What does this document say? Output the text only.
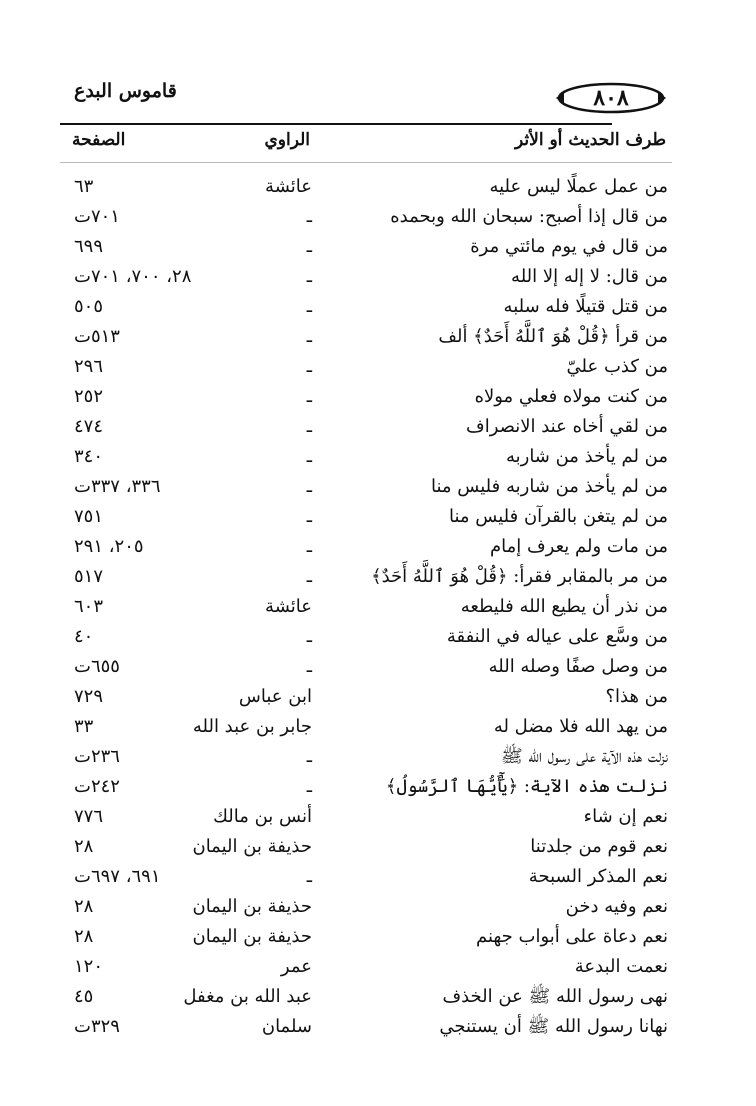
قاموس البدع	٨٠٨
طرف الحديث أو الأثر
الراوي
الصفحة
من عمل عملًا ليس عليه
عائشة
٦٣
من قال إذا أصبح: سبحان الله وبحمده
ـ
٧٠١ت
من قال في يوم مائتي مرة
ـ
٦٩٩
من قال: لا إله إلا الله
ـ
٢٨، ٧٠٠، ٧٠١ت
من قتل قتيلًا فله سلبه
ـ
٥٠٥
من قرأ ﴿قُلْ هُوَ ٱللَّهُ أَحَدٌ﴾ ألف
ـ
٥١٣ت
من كذب عليّ
ـ
٢٩٦
من كنت مولاه فعلي مولاه
ـ
٢٥٢
من لقي أخاه عند الانصراف
ـ
٤٧٤
من لم يأخذ من شاربه
ـ
٣٤٠
من لم يأخذ من شاربه فليس منا
ـ
٣٣٦، ٣٣٧ت
من لم يتغن بالقرآن فليس منا
ـ
٧٥١
من مات ولم يعرف إمام
ـ
٢٠٥، ٢٩١
من مر بالمقابر فقرأ: ﴿قُلْ هُوَ ٱللَّهُ أَحَدٌ﴾
ـ
٥١٧
من نذر أن يطيع الله فليطعه
عائشة
٦٠٣
من وسَّع على عياله في النفقة
ـ
٤٠
من وصل صفًا وصله الله
ـ
٦٥٥ت
من هذا؟
ابن عباس
٧٢٩
من يهد الله فلا مضل له
جابر بن عبد الله
٣٣
نزلت هذه الآية على رسول الله ﷺ
ـ
٢٣٦ت
نزلت هذه الآية: ﴿يَٰٓأَيُّهَا ٱلرَّسُولُ﴾
ـ
٢٤٢ت
نعم إن شاء
أنس بن مالك
٧٧٦
نعم قوم من جلدتنا
حذيفة بن اليمان
٢٨
نعم المذكر السبحة
ـ
٦٩١، ٦٩٧ت
نعم وفيه دخن
حذيفة بن اليمان
٢٨
نعم دعاة على أبواب جهنم
حذيفة بن اليمان
٢٨
نعمت البدعة
عمر
١٢٠
نهى رسول الله ﷺ عن الخذف
عبد الله بن مغفل
٤٥
نهانا رسول الله ﷺ أن يستنجي
سلمان
٣٢٩ت
